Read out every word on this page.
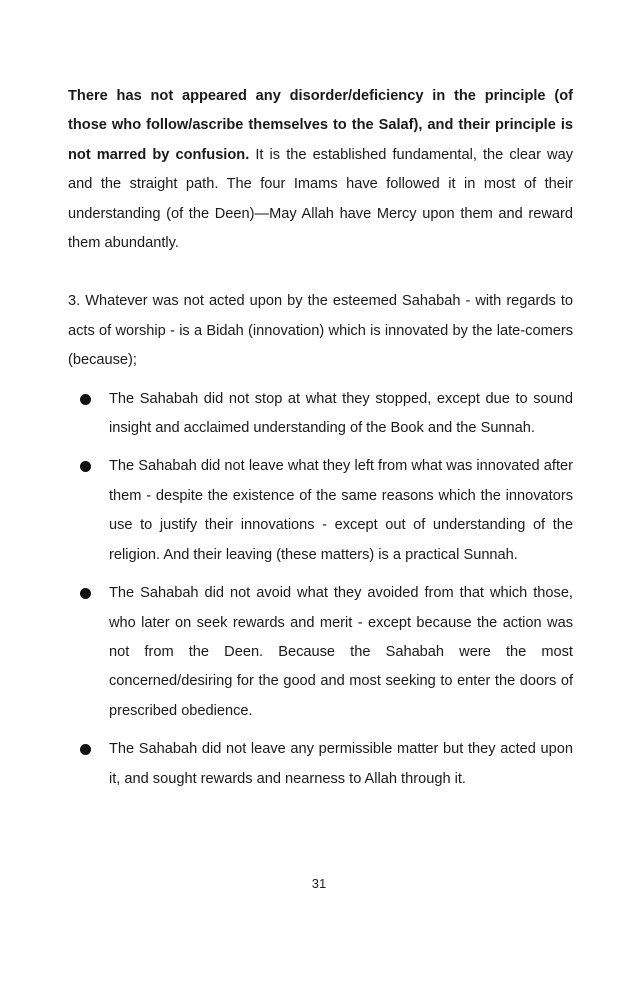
There has not appeared any disorder/deficiency in the principle (of those who follow/ascribe themselves to the Salaf), and their principle is not marred by confusion. It is the established fundamental, the clear way and the straight path. The four Imams have followed it in most of their understanding (of the Deen)—May Allah have Mercy upon them and reward them abundantly.

3. Whatever was not acted upon by the esteemed Sahabah - with regards to acts of worship - is a Bidah (innovation) which is innovated by the late-comers (because);

The Sahabah did not stop at what they stopped, except due to sound insight and acclaimed understanding of the Book and the Sunnah.

The Sahabah did not leave what they left from what was innovated after them - despite the existence of the same reasons which the innovators use to justify their innovations - except out of understanding of the religion. And their leaving (these matters) is a practical Sunnah.

The Sahabah did not avoid what they avoided from that which those, who later on seek rewards and merit - except because the action was not from the Deen. Because the Sahabah were the most concerned/desiring for the good and most seeking to enter the doors of prescribed obedience.

The Sahabah did not leave any permissible matter but they acted upon it, and sought rewards and nearness to Allah through it.

31
